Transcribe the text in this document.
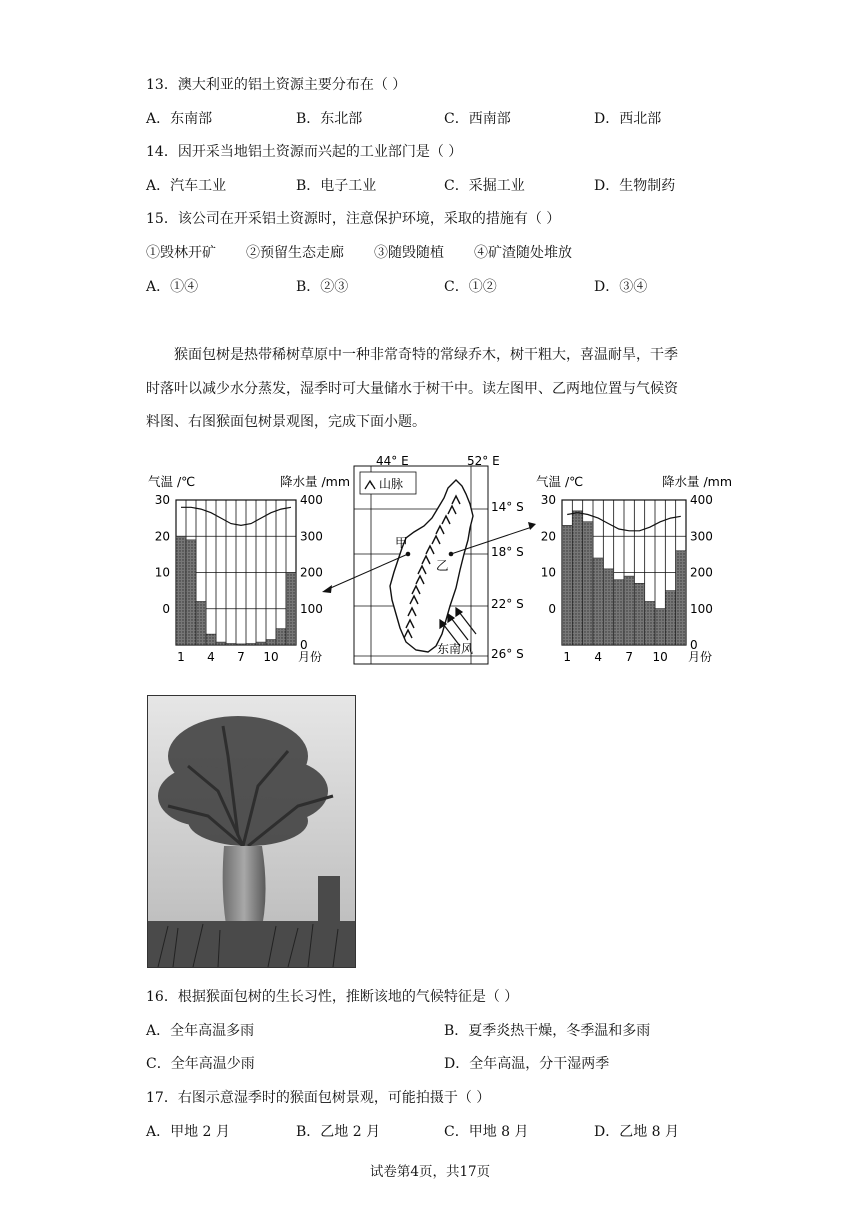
13．澳大利亚的铝土资源主要分布在（ ）
A．东南部	B．东北部	C．西南部	D．西北部
14．因开采当地铝土资源而兴起的工业部门是（ ）
A．汽车工业	B．电子工业	C．采掘工业	D．生物制药
15．该公司在开采铝土资源时，注意保护环境，采取的措施有（ ）
①毁林开矿 ②预留生态走廊 ③随毁随植 ④矿渣随处堆放
A．①④	B．②③	C．①②	D．③④
猴面包树是热带稀树草原中一种非常奇特的常绿乔木，树干粗大，喜温耐旱，干季
时落叶以减少水分蒸发，湿季时可大量储水于树干中。读左图甲、乙两地位置与气候资
料图、右图猴面包树景观图，完成下面小题。
气温 /℃	降水量 /mm
0
10
20
30
0
100
200
300
400
1 4 7 10 月份
44° E	52° E
14° S
18° S
22° S
26° S
山脉
甲
乙
东南风
气温 /℃	降水量 /mm
0
10
20
30
0
100
200
300
400
1 4 7 10 月份
16．根据猴面包树的生长习性，推断该地的气候特征是（ ）
A．全年高温多雨	B．夏季炎热干燥，冬季温和多雨
C．全年高温少雨	D．全年高温，分干湿两季
17．右图示意湿季时的猴面包树景观，可能拍摄于（ ）
A．甲地 2 月	B．乙地 2 月	C．甲地 8 月	D．乙地 8 月
试卷第4页，共17页
